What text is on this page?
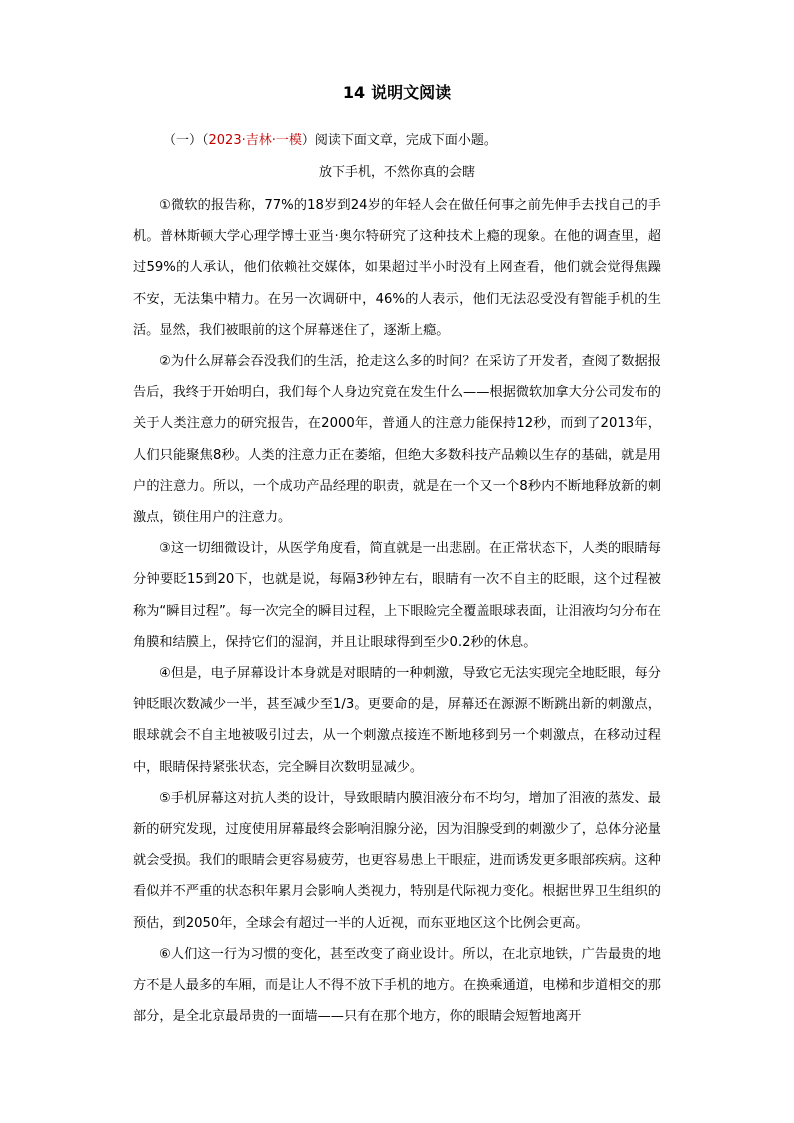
14 说明文阅读
（一）（2023·吉林·一模）阅读下面文章，完成下面小题。
放下手机，不然你真的会瞎

①微软的报告称，77%的18岁到24岁的年轻人会在做任何事之前先伸手去找自己的手机。普林斯顿大学心理学博士亚当·奥尔特研究了这种技术上瘾的现象。在他的调查里，超过59%的人承认，他们依赖社交媒体，如果超过半小时没有上网查看，他们就会觉得焦躁不安，无法集中精力。在另一次调研中，46%的人表示，他们无法忍受没有智能手机的生活。显然，我们被眼前的这个屏幕迷住了，逐渐上瘾。

②为什么屏幕会吞没我们的生活，抢走这么多的时间？在采访了开发者，查阅了数据报告后，我终于开始明白，我们每个人身边究竟在发生什么——根据微软加拿大分公司发布的关于人类注意力的研究报告，在2000年，普通人的注意力能保持12秒，而到了2013年，人们只能聚焦8秒。人类的注意力正在萎缩，但绝大多数科技产品赖以生存的基础，就是用户的注意力。所以，一个成功产品经理的职责，就是在一个又一个8秒内不断地释放新的刺激点，锁住用户的注意力。

③这一切细微设计，从医学角度看，简直就是一出悲剧。在正常状态下，人类的眼睛每分钟要眨15到20下，也就是说，每隔3秒钟左右，眼睛有一次不自主的眨眼，这个过程被称为“瞬目过程”。每一次完全的瞬目过程，上下眼睑完全覆盖眼球表面，让泪液均匀分布在角膜和结膜上，保持它们的湿润，并且让眼球得到至少0.2秒的休息。

④但是，电子屏幕设计本身就是对眼睛的一种刺激，导致它无法实现完全地眨眼，每分钟眨眼次数减少一半，甚至减少至1/3。更要命的是，屏幕还在源源不断跳出新的刺激点，眼球就会不自主地被吸引过去，从一个刺激点接连不断地移到另一个刺激点，在移动过程中，眼睛保持紧张状态，完全瞬目次数明显减少。

⑤手机屏幕这对抗人类的设计，导致眼睛内膜泪液分布不均匀，增加了泪液的蒸发、最新的研究发现，过度使用屏幕最终会影响泪腺分泌，因为泪腺受到的刺激少了，总体分泌量就会受损。我们的眼睛会更容易疲劳，也更容易患上干眼症，进而诱发更多眼部疾病。这种看似并不严重的状态积年累月会影响人类视力，特别是代际视力变化。根据世界卫生组织的预估，到2050年，全球会有超过一半的人近视，而东亚地区这个比例会更高。

⑥人们这一行为习惯的变化，甚至改变了商业设计。所以，在北京地铁，广告最贵的地方不是人最多的车厢，而是让人不得不放下手机的地方。在换乘通道，电梯和步道相交的那部分，是全北京最昂贵的一面墙——只有在那个地方，你的眼睛会短暂地离开
